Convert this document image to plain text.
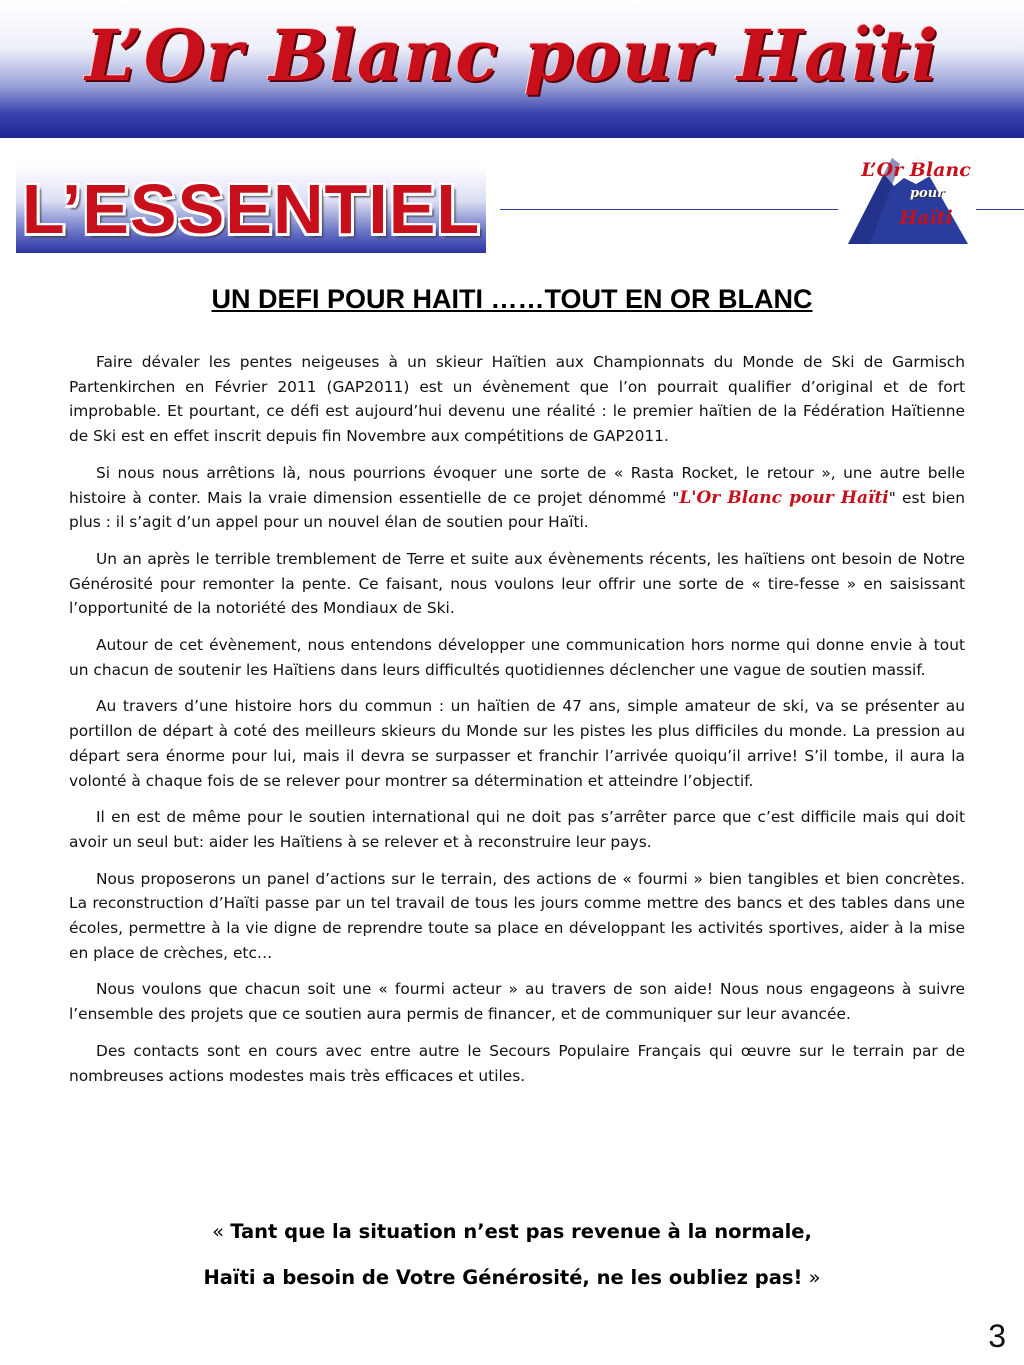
L’Or Blanc pour Haïti
L’ESSENTIEL	L’Or Blanc
pour
Haïti
UN DEFI POUR HAITI ……TOUT EN OR BLANC

Faire dévaler les pentes neigeuses à un skieur Haïtien aux Championnats du Monde de Ski de Garmisch Partenkirchen en Février 2011 (GAP2011) est un évènement que l’on pourrait qualifier d’original et de fort improbable. Et pourtant, ce défi est aujourd’hui devenu une réalité : le premier haïtien de la Fédération Haïtienne de Ski est en effet inscrit depuis fin Novembre aux compétitions de GAP2011.

Si nous nous arrêtions là, nous pourrions évoquer une sorte de « Rasta Rocket, le retour », une autre belle histoire à conter. Mais la vraie dimension essentielle de ce projet dénommé "L'Or Blanc pour Haïti" est bien plus : il s’agit d’un appel pour un nouvel élan de soutien pour Haïti.

Un an après le terrible tremblement de Terre et suite aux évènements récents, les haïtiens ont besoin de Notre Générosité pour remonter la pente. Ce faisant, nous voulons leur offrir une sorte de « tire-fesse » en saisissant l’opportunité de la notoriété des Mondiaux de Ski.

Autour de cet évènement, nous entendons développer une communication hors norme qui donne envie à tout un chacun de soutenir les Haïtiens dans leurs difficultés quotidiennes déclencher une vague de soutien massif.

Au travers d’une histoire hors du commun : un haïtien de 47 ans, simple amateur de ski, va se présenter au portillon de départ à coté des meilleurs skieurs du Monde sur les pistes les plus difficiles du monde. La pression au départ sera énorme pour lui, mais il devra se surpasser et franchir l’arrivée quoiqu’il arrive! S’il tombe, il aura la volonté à chaque fois de se relever pour montrer sa détermination et atteindre l’objectif.

Il en est de même pour le soutien international qui ne doit pas s’arrêter parce que c’est difficile mais qui doit avoir un seul but: aider les Haïtiens à se relever et à reconstruire leur pays.

Nous proposerons un panel d’actions sur le terrain, des actions de « fourmi » bien tangibles et bien concrètes. La reconstruction d’Haïti passe par un tel travail de tous les jours comme mettre des bancs et des tables dans une écoles, permettre à la vie digne de reprendre toute sa place en développant les activités sportives, aider à la mise en place de crèches, etc…

Nous voulons que chacun soit une « fourmi acteur » au travers de son aide! Nous nous engageons à suivre l’ensemble des projets que ce soutien aura permis de financer, et de communiquer sur leur avancée.

Des contacts sont en cours avec entre autre le Secours Populaire Français qui œuvre sur le terrain par de nombreuses actions modestes mais très efficaces et utiles.

« Tant que la situation n’est pas revenue à la normale,
Haïti a besoin de Votre Générosité, ne les oubliez pas! »
3
